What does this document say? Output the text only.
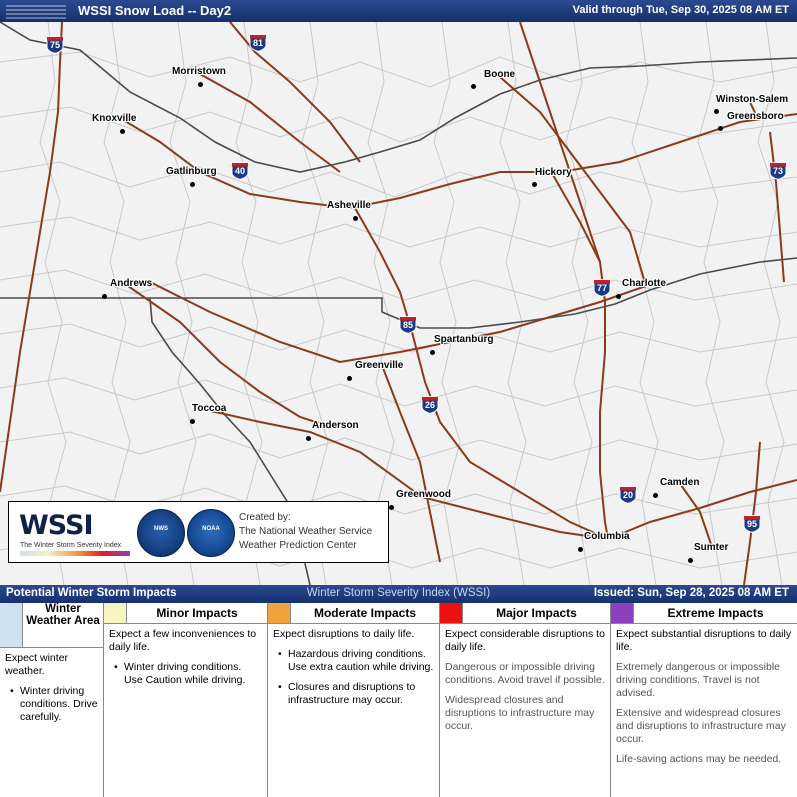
WSSI Snow Load -- Day2	Valid through Tue, Sep 30, 2025 08 AM ET
Morristown
Knoxville
Gatlinburg
Asheville
Boone
Hickory
Winston-Salem
Greensboro
Charlotte
Andrews
Spartanburg
Greenville
Toccoa
Anderson
Greenwood
Camden
Columbia
Sumter
75	81
40	73
77
85
26
20
95
WSSI
The Winter Storm Severity Index
NWS	NOAA
Created by:
The National Weather Service
Weather Prediction Center
Potential Winter Storm Impacts	Winter Storm Severity Index (WSSI)	Issued: Sun, Sep 28, 2025 08 AM ET
Winter Weather Area

Expect winter weather.

• Winter driving conditions. Drive carefully.
Minor Impacts

Expect a few inconveniences to daily life.

• Winter driving conditions. Use Caution while driving.
Moderate Impacts

Expect disruptions to daily life.

• Hazardous driving conditions. Use extra caution while driving.
• Closures and disruptions to infrastructure may occur.
Major Impacts

Expect considerable disruptions to daily life.

Dangerous or impossible driving conditions. Avoid travel if possible.

Widespread closures and disruptions to infrastructure may occur.

Extreme Impacts

Expect substantial disruptions to daily life.

Extremely dangerous or impossible driving conditions. Travel is not advised.

Extensive and widespread closures and disruptions to infrastructure may occur.

Life-saving actions may be needed.
